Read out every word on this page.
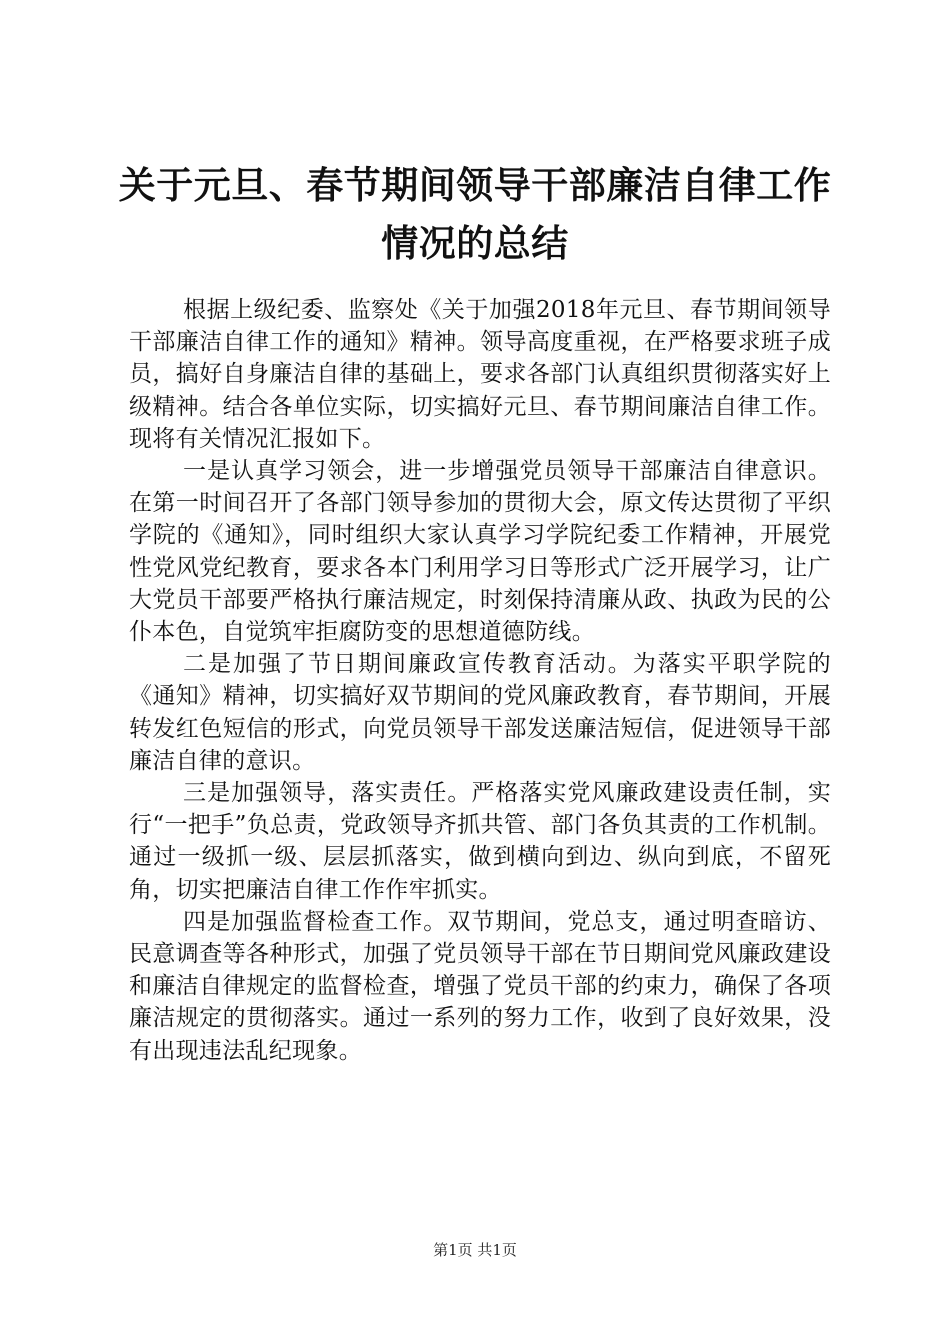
关于元旦、春节期间领导干部廉洁自律工作情况的总结

根据上级纪委、监察处《关于加强2018年元旦、春节期间领导干部廉洁自律工作的通知》精神。领导高度重视，在严格要求班子成员，搞好自身廉洁自律的基础上，要求各部门认真组织贯彻落实好上级精神。结合各单位实际，切实搞好元旦、春节期间廉洁自律工作。现将有关情况汇报如下。

一是认真学习领会，进一步增强党员领导干部廉洁自律意识。在第一时间召开了各部门领导参加的贯彻大会，原文传达贯彻了平织学院的《通知》，同时组织大家认真学习学院纪委工作精神，开展党性党风党纪教育，要求各本门利用学习日等形式广泛开展学习，让广大党员干部要严格执行廉洁规定，时刻保持清廉从政、执政为民的公仆本色，自觉筑牢拒腐防变的思想道德防线。

二是加强了节日期间廉政宣传教育活动。为落实平职学院的《通知》精神，切实搞好双节期间的党风廉政教育，春节期间，开展转发红色短信的形式，向党员领导干部发送廉洁短信，促进领导干部廉洁自律的意识。

三是加强领导，落实责任。严格落实党风廉政建设责任制，实行“一把手”负总责，党政领导齐抓共管、部门各负其责的工作机制。通过一级抓一级、层层抓落实，做到横向到边、纵向到底，不留死角，切实把廉洁自律工作作牢抓实。

四是加强监督检查工作。双节期间，党总支，通过明查暗访、民意调查等各种形式，加强了党员领导干部在节日期间党风廉政建设和廉洁自律规定的监督检查，增强了党员干部的约束力，确保了各项廉洁规定的贯彻落实。通过一系列的努力工作，收到了良好效果，没有出现违法乱纪现象。

第1页 共1页
